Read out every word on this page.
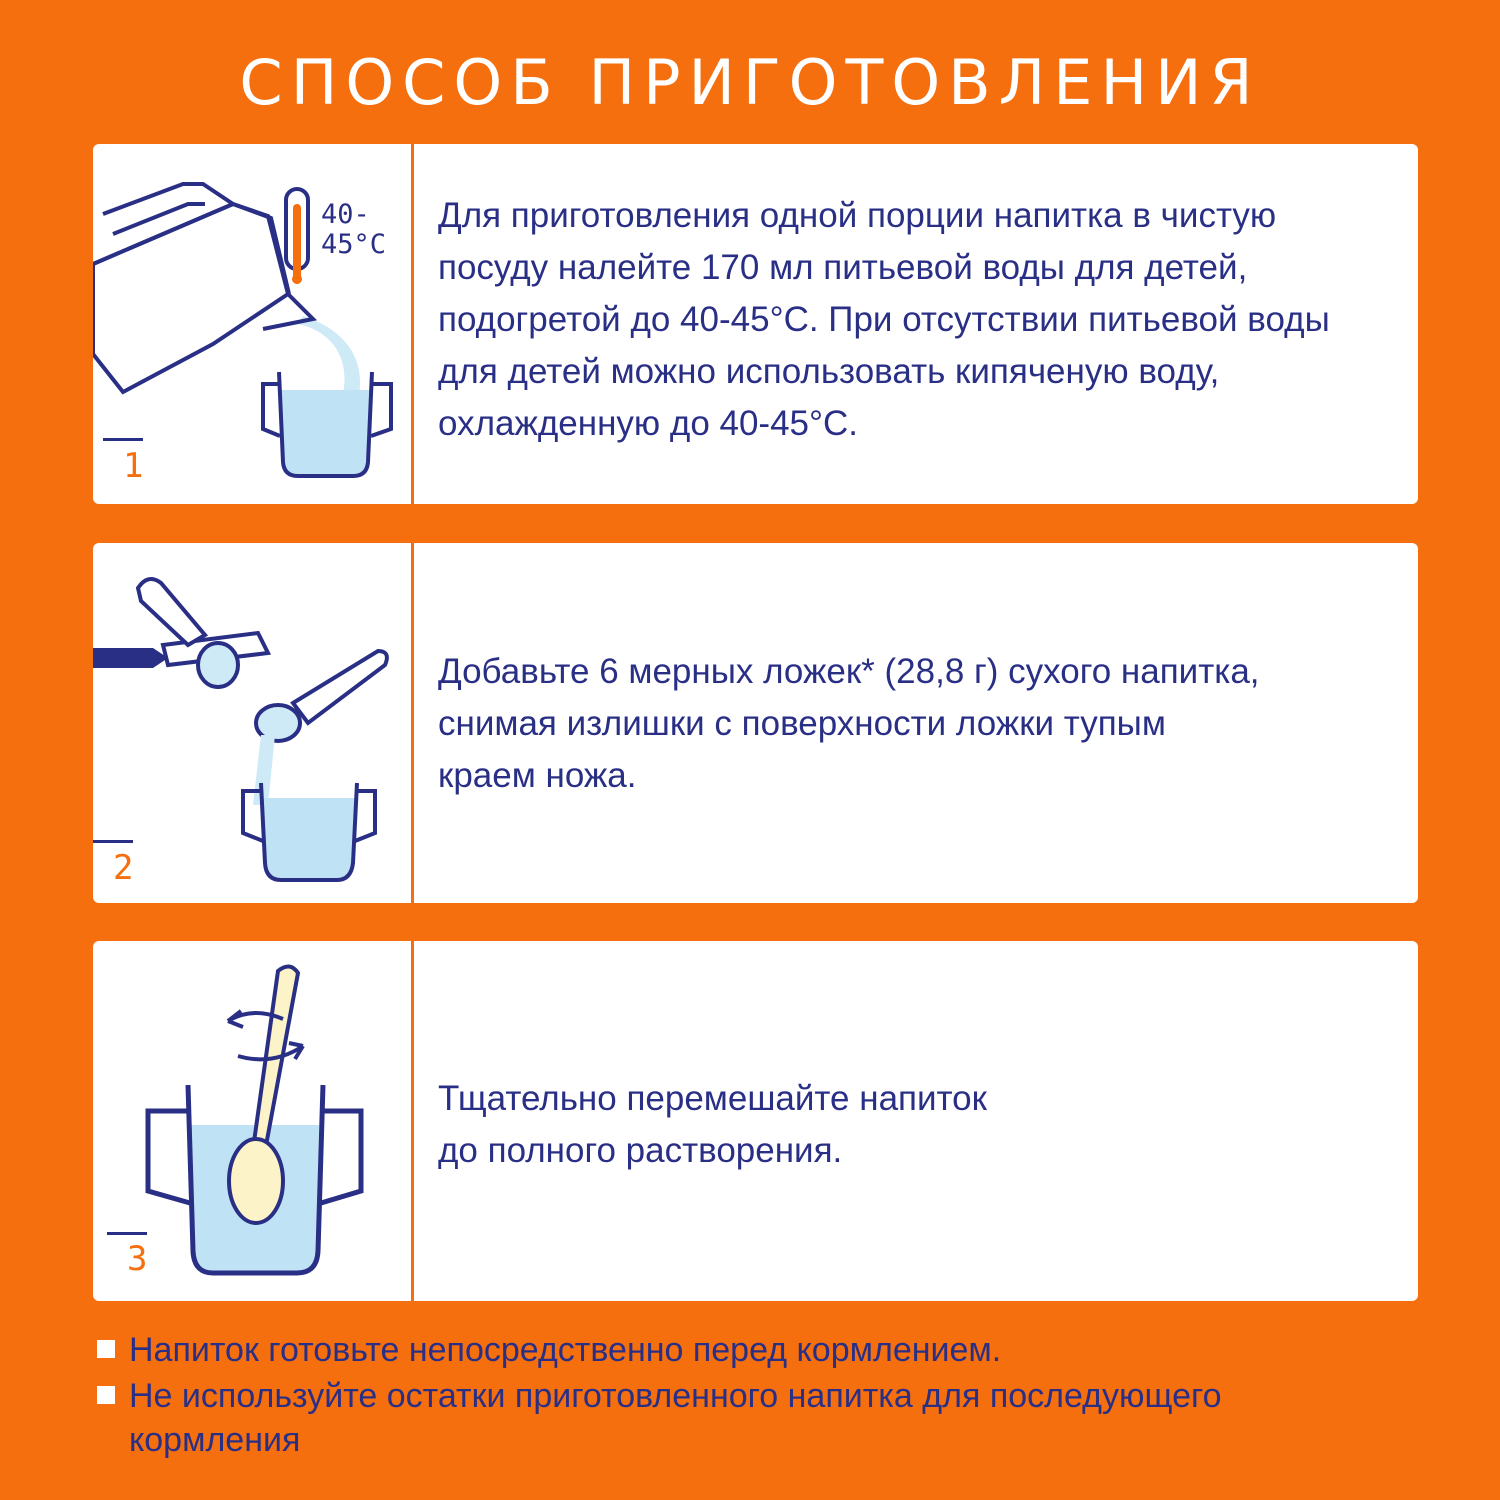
СПОСОБ ПРИГОТОВЛЕНИЯ
40-
45°C
1
Для приготовления одной порции напитка в чистую
посуду налейте 170 мл питьевой воды для детей,
подогретой до 40-45°С. При отсутствии питьевой воды
для детей можно использовать кипяченую воду,
охлажденную до 40-45°С.
2
Добавьте 6 мерных ложек* (28,8 г) сухого напитка,
снимая излишки с поверхности ложки тупым
краем ножа.
3
Тщательно перемешайте напиток
до полного растворения.
Напиток готовьте непосредственно перед кормлением.
Не используйте остатки приготовленного напитка для последующего кормления
